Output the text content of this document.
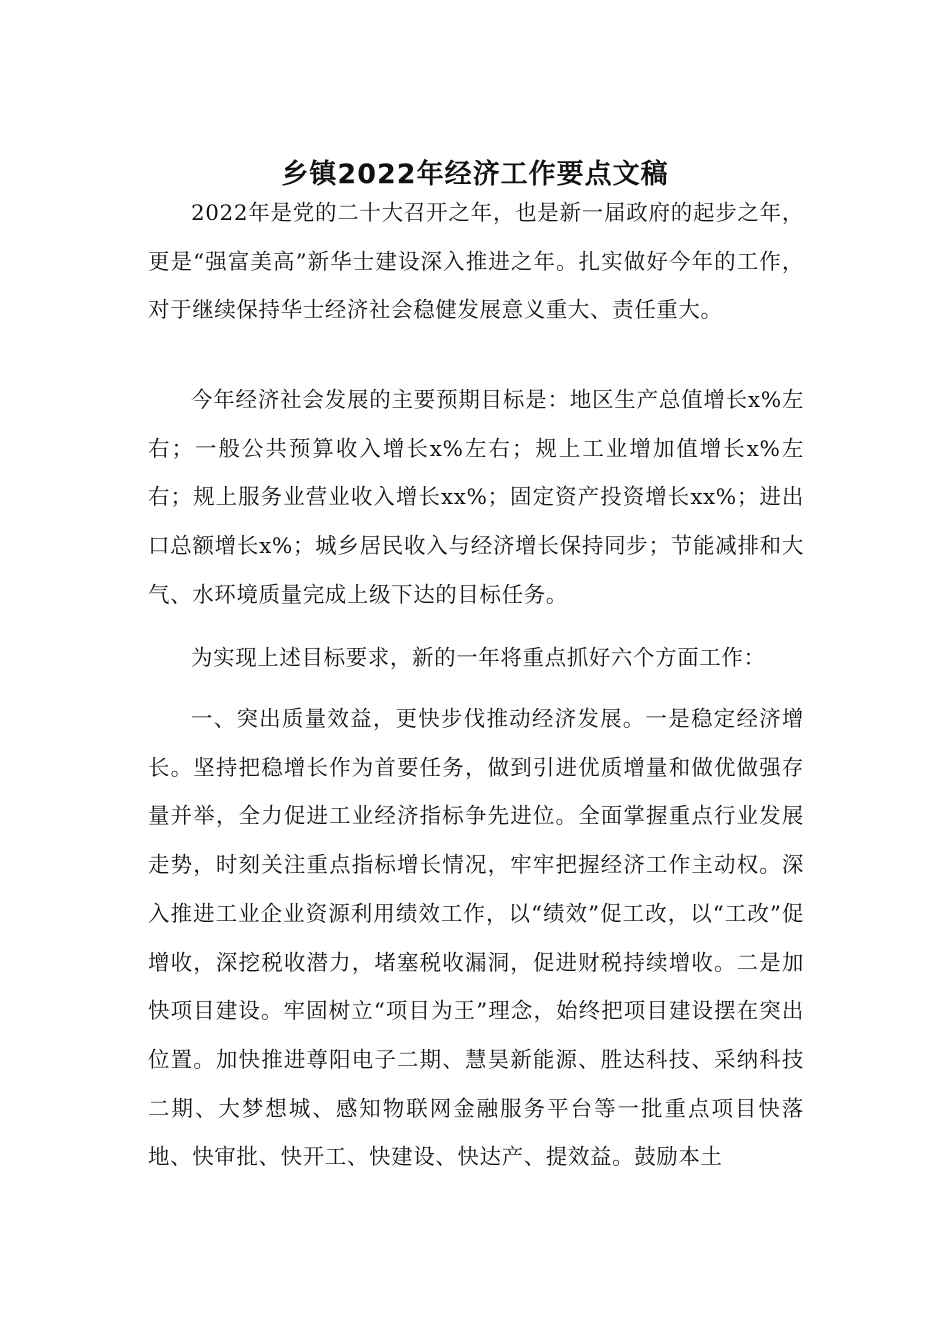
乡镇2022年经济工作要点文稿

2022年是党的二十大召开之年，也是新一届政府的起步之年，更是“强富美高”新华士建设深入推进之年。扎实做好今年的工作，对于继续保持华士经济社会稳健发展意义重大、责任重大。

今年经济社会发展的主要预期目标是：地区生产总值增长x%左右；一般公共预算收入增长x%左右；规上工业增加值增长x%左右；规上服务业营业收入增长xx%；固定资产投资增长xx%；进出口总额增长x%；城乡居民收入与经济增长保持同步；节能减排和大气、水环境质量完成上级下达的目标任务。

为实现上述目标要求，新的一年将重点抓好六个方面工作：

一、突出质量效益，更快步伐推动经济发展。一是稳定经济增长。坚持把稳增长作为首要任务，做到引进优质增量和做优做强存量并举，全力促进工业经济指标争先进位。全面掌握重点行业发展走势，时刻关注重点指标增长情况，牢牢把握经济工作主动权。深入推进工业企业资源利用绩效工作，以“绩效”促工改，以“工改”促增收，深挖税收潜力，堵塞税收漏洞，促进财税持续增收。二是加快项目建设。牢固树立“项目为王”理念，始终把项目建设摆在突出位置。加快推进尊阳电子二期、慧昊新能源、胜达科技、采纳科技二期、大梦想城、感知物联网金融服务平台等一批重点项目快落地、快审批、快开工、快建设、快达产、提效益。鼓励本土
